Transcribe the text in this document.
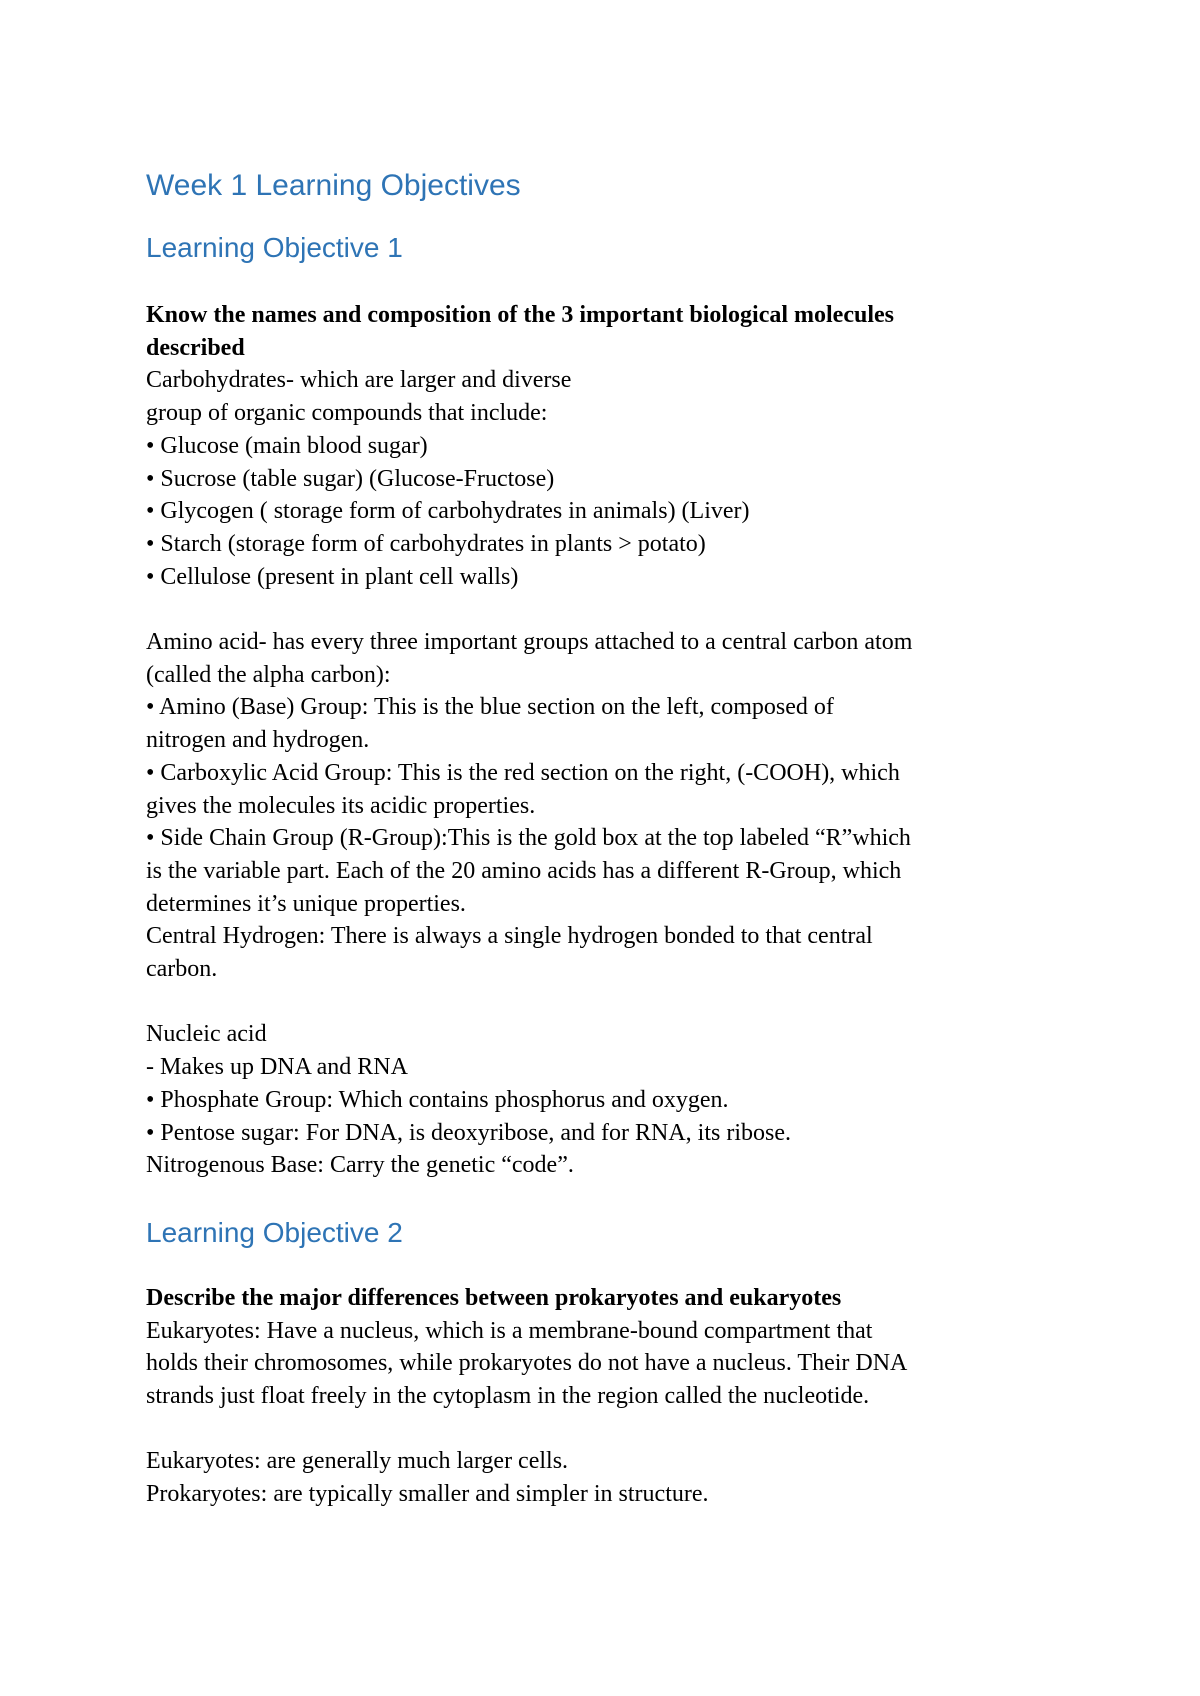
Week 1 Learning Objectives
Learning Objective 1

Know the names and composition of the 3 important biological molecules

described

Carbohydrates- which are larger and diverse

group of organic compounds that include:

• Glucose (main blood sugar)

• Sucrose (table sugar) (Glucose-Fructose)

• Glycogen ( storage form of carbohydrates in animals) (Liver)

• Starch (storage form of carbohydrates in plants > potato)

• Cellulose (present in plant cell walls)

Amino acid- has every three important groups attached to a central carbon atom

(called the alpha carbon):

• Amino (Base) Group: This is the blue section on the left, composed of

nitrogen and hydrogen.

• Carboxylic Acid Group: This is the red section on the right, (-COOH), which

gives the molecules its acidic properties.

• Side Chain Group (R-Group):This is the gold box at the top labeled “R”which

is the variable part. Each of the 20 amino acids has a different R-Group, which

determines it’s unique properties.

Central Hydrogen: There is always a single hydrogen bonded to that central

carbon.

Nucleic acid

- Makes up DNA and RNA

• Phosphate Group: Which contains phosphorus and oxygen.

• Pentose sugar: For DNA, is deoxyribose, and for RNA, its ribose.

Nitrogenous Base: Carry the genetic “code”.

Learning Objective 2

Describe the major differences between prokaryotes and eukaryotes

Eukaryotes: Have a nucleus, which is a membrane-bound compartment that

holds their chromosomes, while prokaryotes do not have a nucleus. Their DNA

strands just float freely in the cytoplasm in the region called the nucleotide.

Eukaryotes: are generally much larger cells.

Prokaryotes: are typically smaller and simpler in structure.
